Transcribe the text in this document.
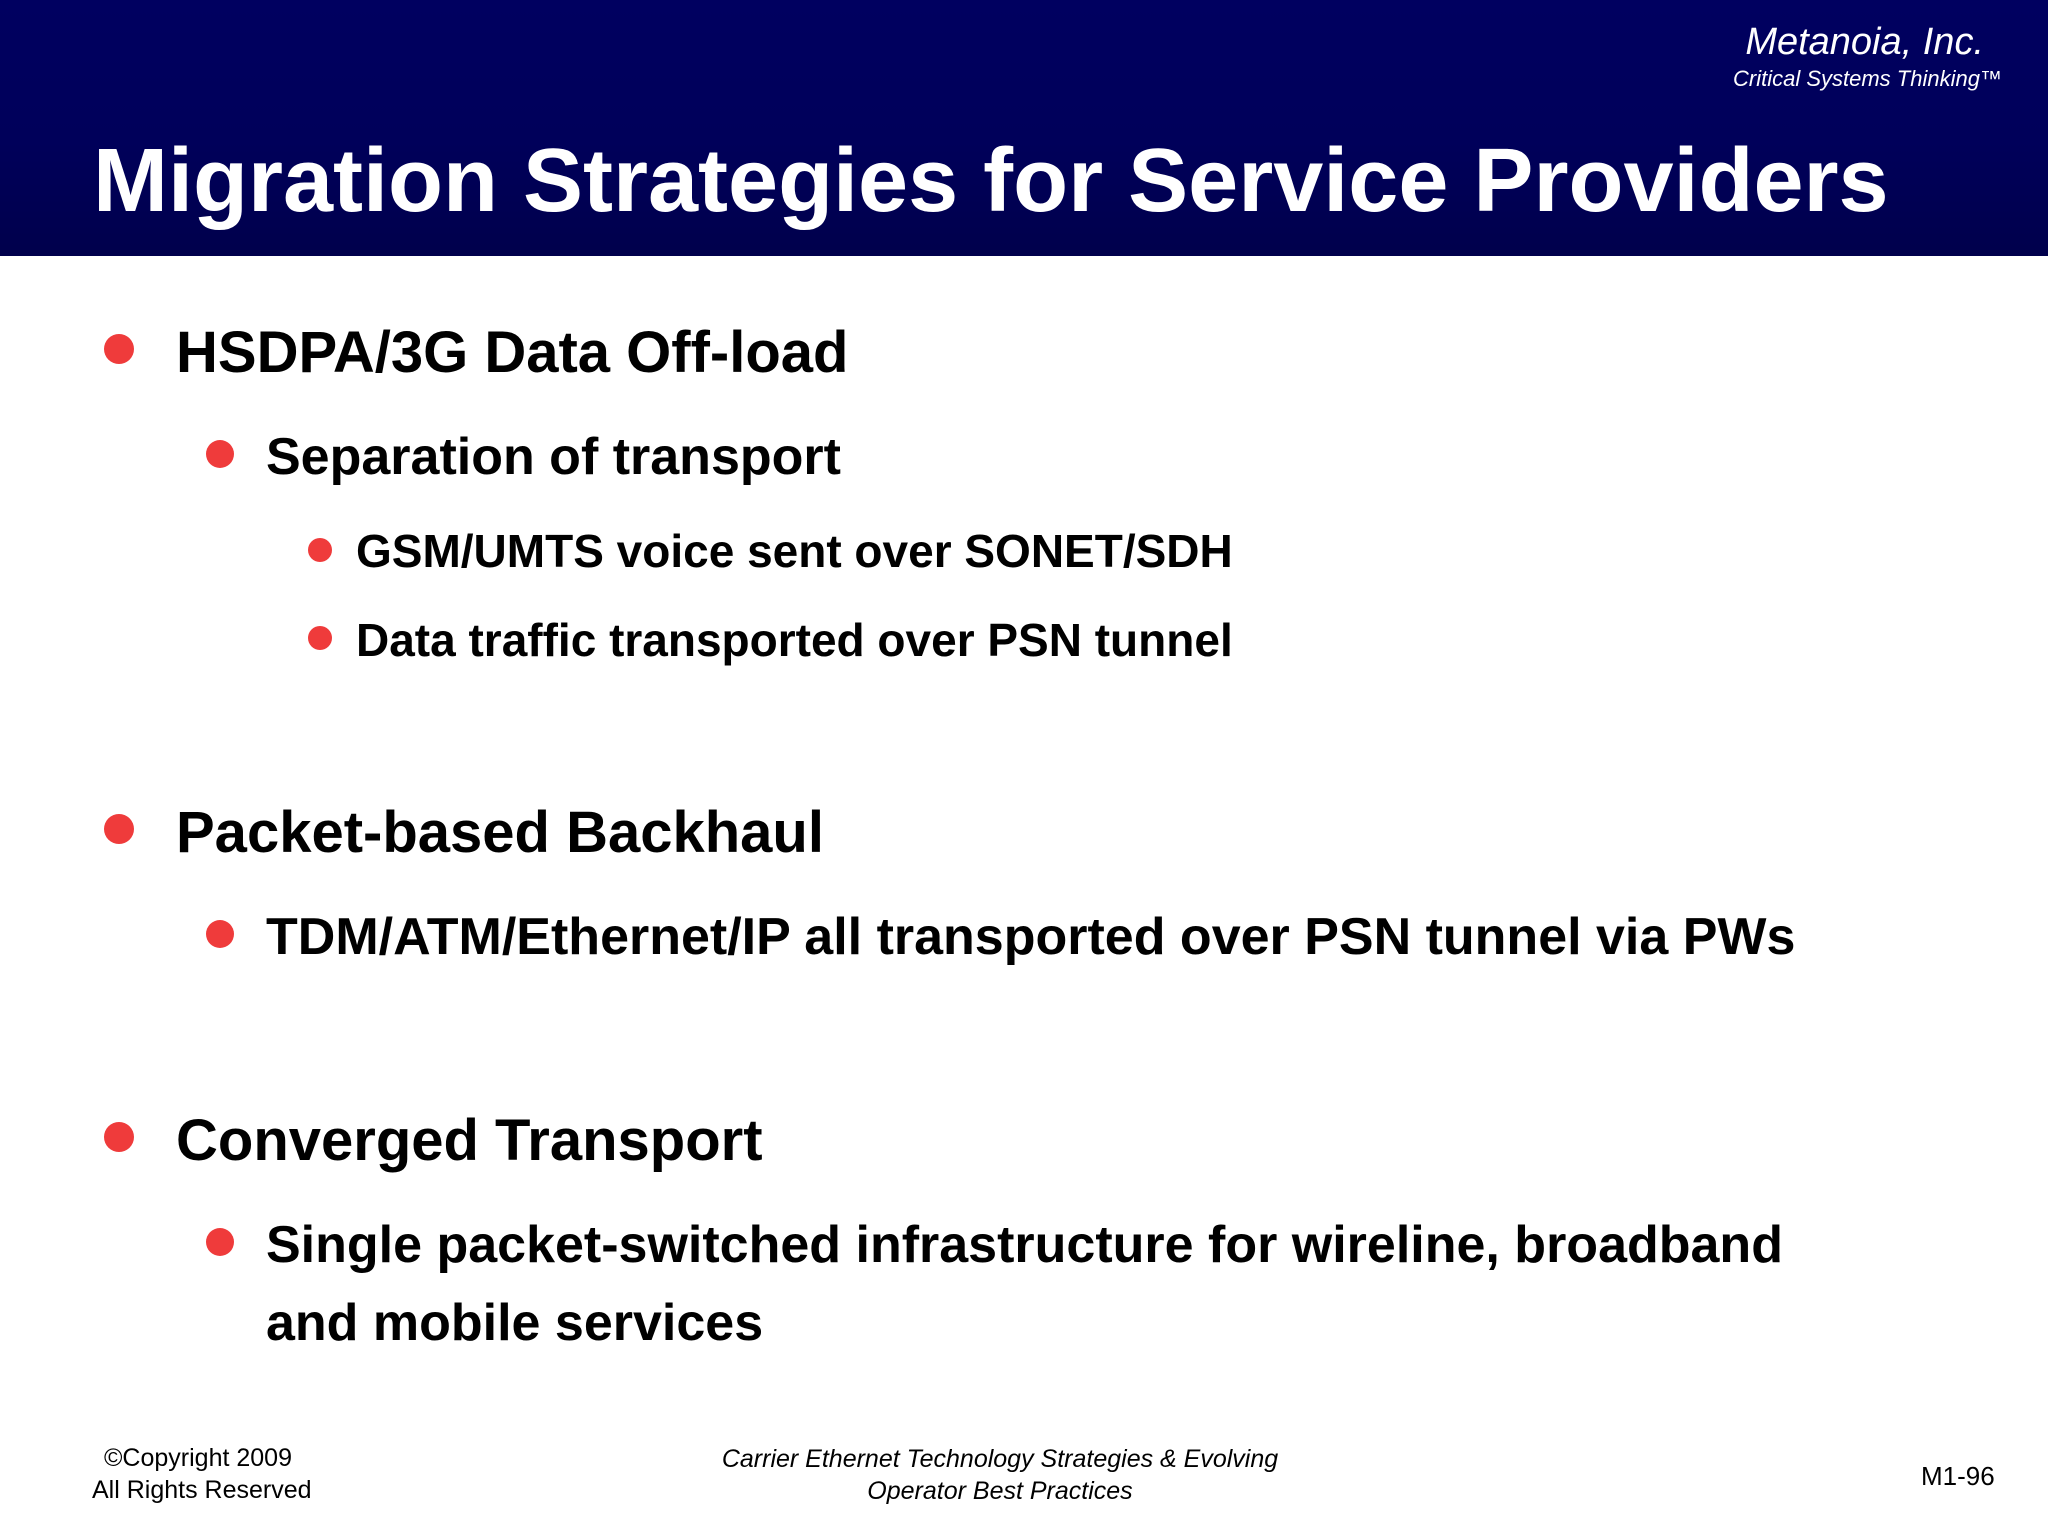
Metanoia, Inc.
Critical Systems Thinking™
Migration Strategies for Service Providers
HSDPA/3G Data Off-load
Separation of transport
GSM/UMTS voice sent over SONET/SDH
Data traffic transported over PSN tunnel
Packet-based Backhaul
TDM/ATM/Ethernet/IP all transported over PSN tunnel via PWs
Converged Transport
Single packet-switched infrastructure for wireline, broadband
and mobile services
©Copyright 2009
All Rights Reserved
Carrier Ethernet Technology Strategies & Evolving
Operator Best Practices	M1-96
